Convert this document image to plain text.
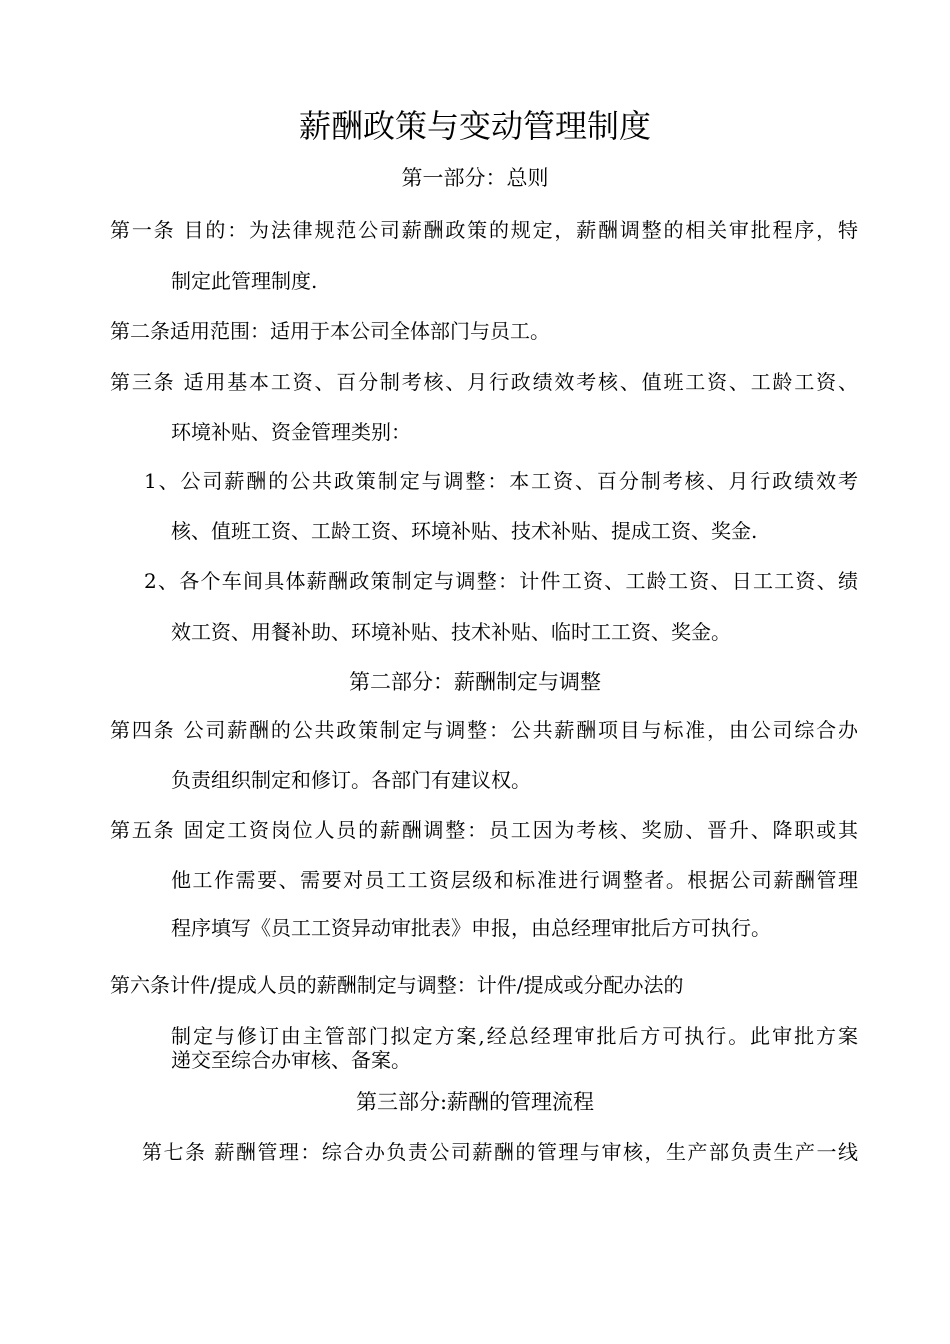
薪酬政策与变动管理制度
第一部分：总则
第一条 目的：为法律规范公司薪酬政策的规定，薪酬调整的相关审批程序，特
制定此管理制度.
第二条适用范围：适用于本公司全体部门与员工。
第三条 适用基本工资、百分制考核、月行政绩效考核、值班工资、工龄工资、
环境补贴、资金管理类别：
1、公司薪酬的公共政策制定与调整：本工资、百分制考核、月行政绩效考
核、值班工资、工龄工资、环境补贴、技术补贴、提成工资、奖金.
2、各个车间具体薪酬政策制定与调整：计件工资、工龄工资、日工工资、绩
效工资、用餐补助、环境补贴、技术补贴、临时工工资、奖金。
第二部分：薪酬制定与调整
第四条 公司薪酬的公共政策制定与调整：公共薪酬项目与标准，由公司综合办
负责组织制定和修订。各部门有建议权。
第五条 固定工资岗位人员的薪酬调整：员工因为考核、奖励、晋升、降职或其
他工作需要、需要对员工工资层级和标准进行调整者。根据公司薪酬管理
程序填写《员工工资异动审批表》申报，由总经理审批后方可执行。
第六条计件/提成人员的薪酬制定与调整：计件/提成或分配办法的
制定与修订由主管部门拟定方案,经总经理审批后方可执行。此审批方案
递交至综合办审核、备案。
第三部分:薪酬的管理流程
第七条 薪酬管理：综合办负责公司薪酬的管理与审核，生产部负责生产一线
